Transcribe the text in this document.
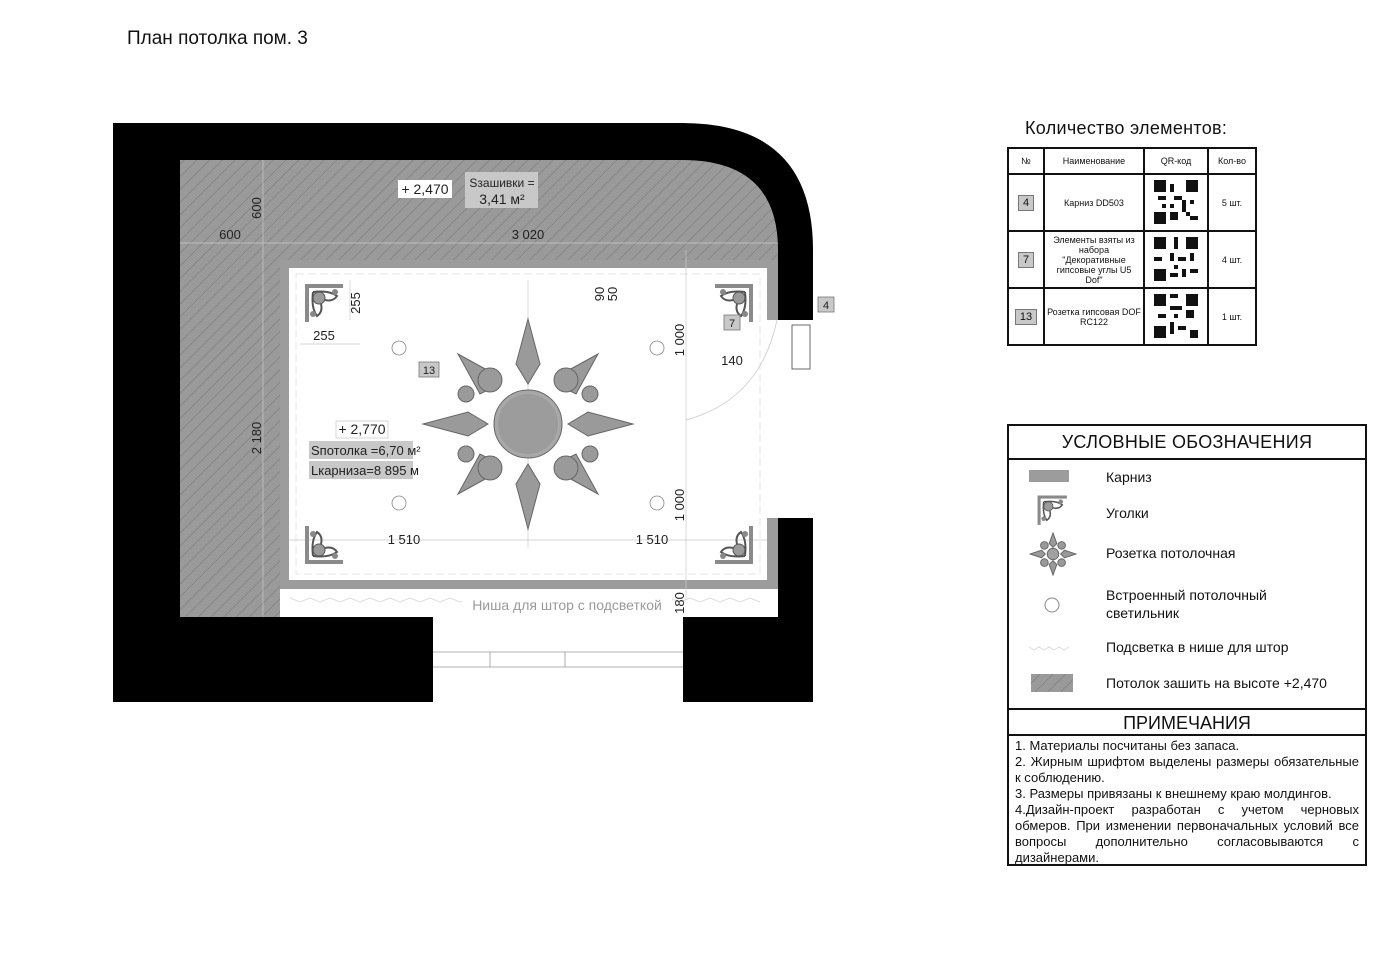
План потолка пом. 3
4
7
13
+ 2,470 Sзашивки =
3,41 м²
+ 2,770
Sпотолка =6,70 м²
Lкарниза=8 895 м
Ниша для штор с подсветкой
600
600	3 020
2 180
255
255
90
50
1 000
140
1 000
1 510	1 510
180
Количество элементов:
№	Наименование	QR-код	Кол-во
4	Карниз DD503		5 шт.
7	Элементы взяты из набора "Декоративные гипсовые углы U5 Dof"		4 шт.
13	Розетка гипсовая DOF RC122		1 шт.
УСЛОВНЫЕ ОБОЗНАЧЕНИЯ
Карниз
Уголки
Розетка потолочная
Встроенный потолочный светильник
Подсветка в нише для штор
Потолок зашить на высоте +2,470
ПРИМЕЧАНИЯ

1. Материалы посчитаны без запаса.

2. Жирным шрифтом выделены размеры обязательные к соблюдению.

3. Размеры привязаны к внешнему краю молдингов.

4.Дизайн-проект разработан с учетом черновых обмеров. При изменении первоначальных условий все вопросы дополнительно согласовываются с дизайнерами.
